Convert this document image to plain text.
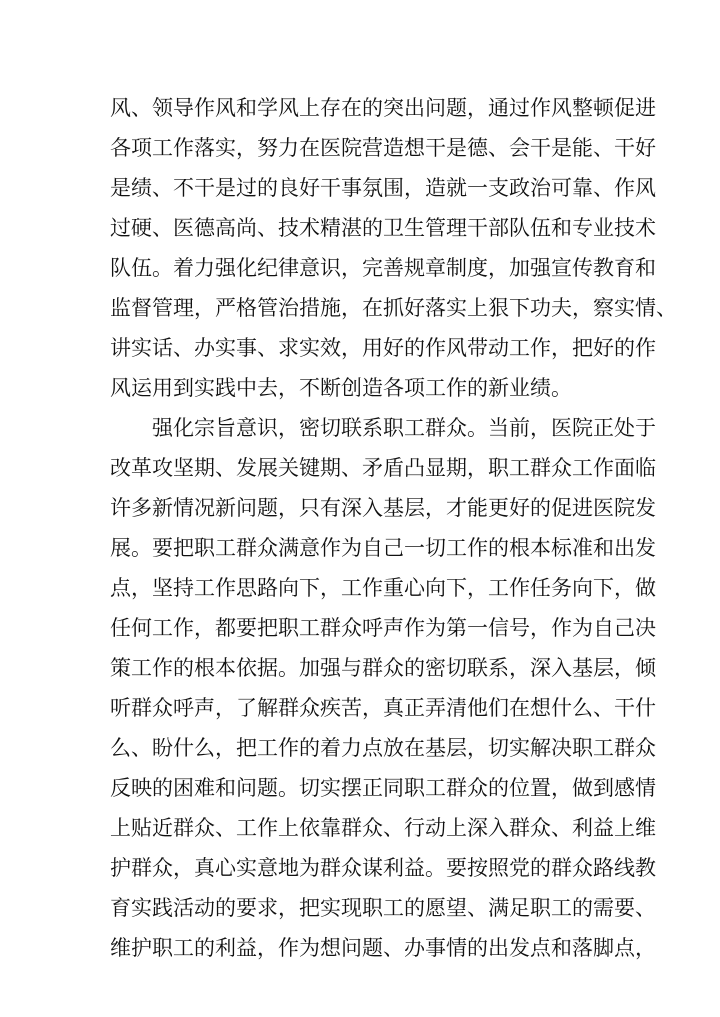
风、领导作风和学风上存在的突出问题，通过作风整顿促进
各项工作落实，努力在医院营造想干是德、会干是能、干好
是绩、不干是过的良好干事氛围，造就一支政治可靠、作风
过硬、医德高尚、技术精湛的卫生管理干部队伍和专业技术
队伍。着力强化纪律意识，完善规章制度，加强宣传教育和
监督管理，严格管治措施，在抓好落实上狠下功夫，察实情、
讲实话、办实事、求实效，用好的作风带动工作，把好的作
风运用到实践中去，不断创造各项工作的新业绩。
强化宗旨意识，密切联系职工群众。当前，医院正处于
改革攻坚期、发展关键期、矛盾凸显期，职工群众工作面临
许多新情况新问题，只有深入基层，才能更好的促进医院发
展。要把职工群众满意作为自己一切工作的根本标准和出发
点，坚持工作思路向下，工作重心向下，工作任务向下，做
任何工作，都要把职工群众呼声作为第一信号，作为自己决
策工作的根本依据。加强与群众的密切联系，深入基层，倾
听群众呼声，了解群众疾苦，真正弄清他们在想什么、干什
么、盼什么，把工作的着力点放在基层，切实解决职工群众
反映的困难和问题。切实摆正同职工群众的位置，做到感情
上贴近群众、工作上依靠群众、行动上深入群众、利益上维
护群众，真心实意地为群众谋利益。要按照党的群众路线教
育实践活动的要求，把实现职工的愿望、满足职工的需要、
维护职工的利益，作为想问题、办事情的出发点和落脚点，
